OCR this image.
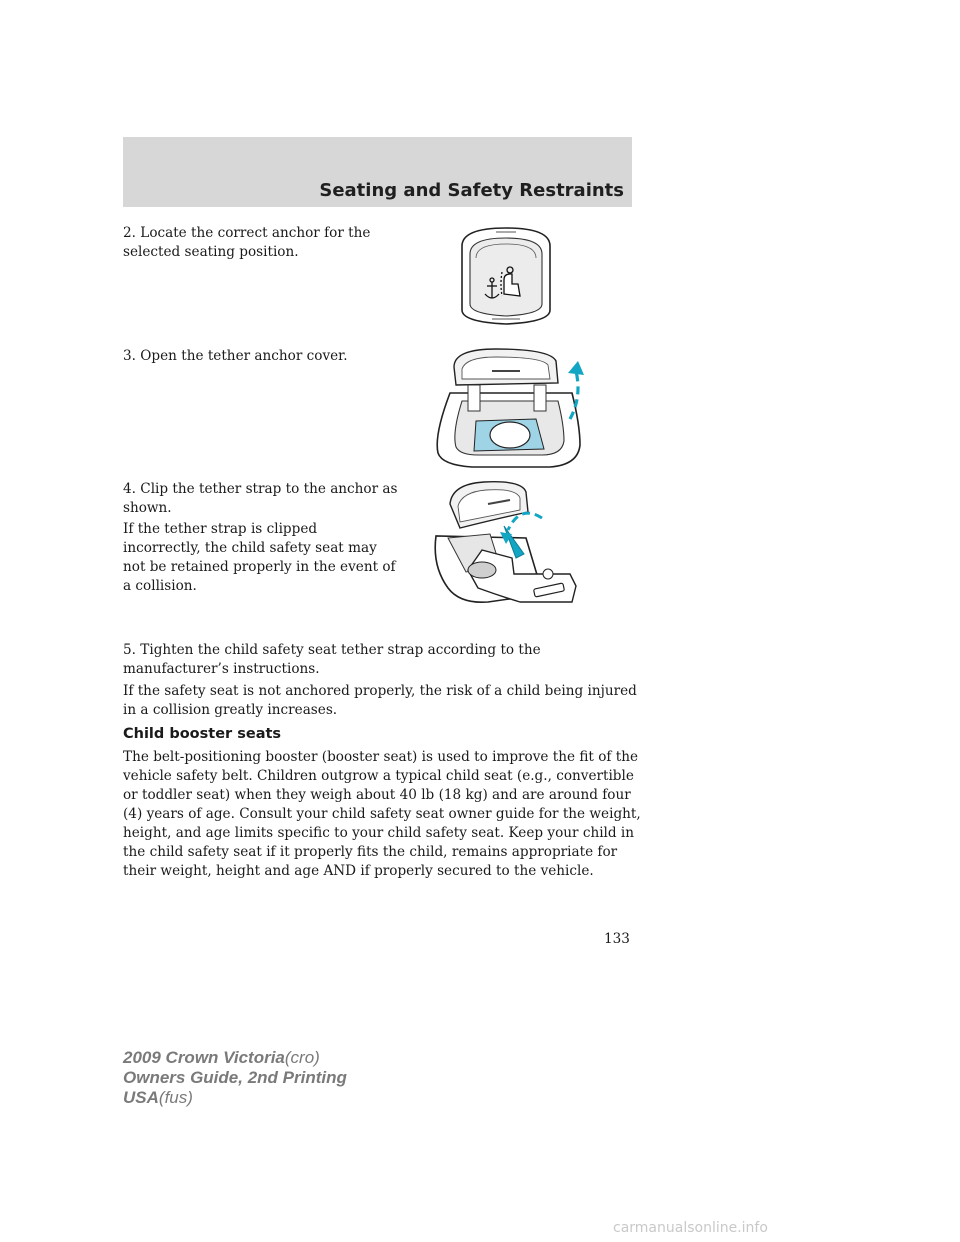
Seating and Safety Restraints

2. Locate the correct anchor for the selected seating position.

3. Open the tether anchor cover.

4. Clip the tether strap to the anchor as shown.

If the tether strap is clipped incorrectly, the child safety seat may not be retained properly in the event of a collision.

5. Tighten the child safety seat tether strap according to the manufacturer’s instructions.

If the safety seat is not anchored properly, the risk of a child being injured in a collision greatly increases.

Child booster seats

The belt-positioning booster (booster seat) is used to improve the fit of the vehicle safety belt. Children outgrow a typical child seat (e.g., convertible or toddler seat) when they weigh about 40 lb (18 kg) and are around four (4) years of age. Consult your child safety seat owner guide for the weight, height, and age limits specific to your child safety seat. Keep your child in the child safety seat if it properly fits the child, remains appropriate for their weight, height and age AND if properly secured to the vehicle.

133

2009 Crown Victoria(cro)
Owners Guide, 2nd Printing
USA(fus)

carmanualsonline.info
